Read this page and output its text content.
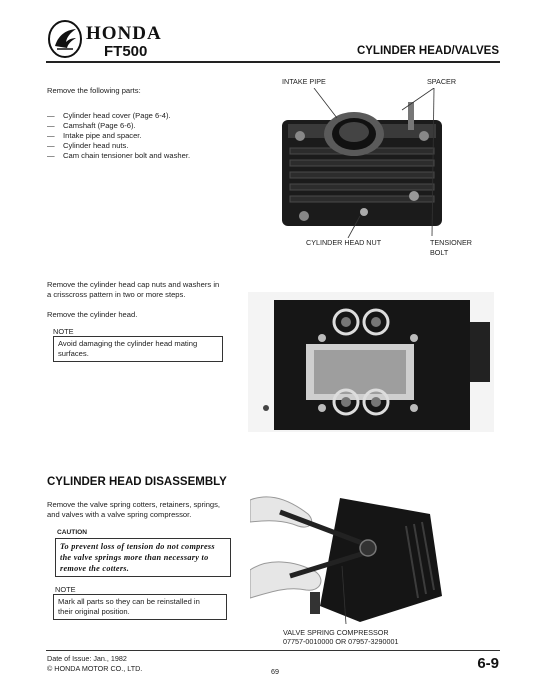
HONDA
FT500	CYLINDER HEAD/VALVES
Remove the following parts:
— Cylinder head cover (Page 6-4).
— Camshaft (Page 6-6).
— Intake pipe and spacer.
— Cylinder head nuts.
— Cam chain tensioner bolt and washer.
INTAKE PIPE	SPACER
CYLINDER HEAD NUT	TENSIONER
BOLT
Remove the cylinder head cap nuts and washers in
a crisscross pattern in two or more steps.
Remove the cylinder head.
NOTE
Avoid damaging the cylinder head mating
surfaces.
CYLINDER HEAD DISASSEMBLY
Remove the valve spring cotters, retainers, springs,
and valves with a valve spring compressor.
CAUTION
To prevent loss of tension do not compress
the valve springs more than necessary to
remove the cotters.
NOTE
Mark all parts so they can be reinstalled in
their original position.
VALVE SPRING COMPRESSOR
07757-0010000 OR 07957-3290001
Date of Issue: Jan., 1982
© HONDA MOTOR CO., LTD.	69	6-9
